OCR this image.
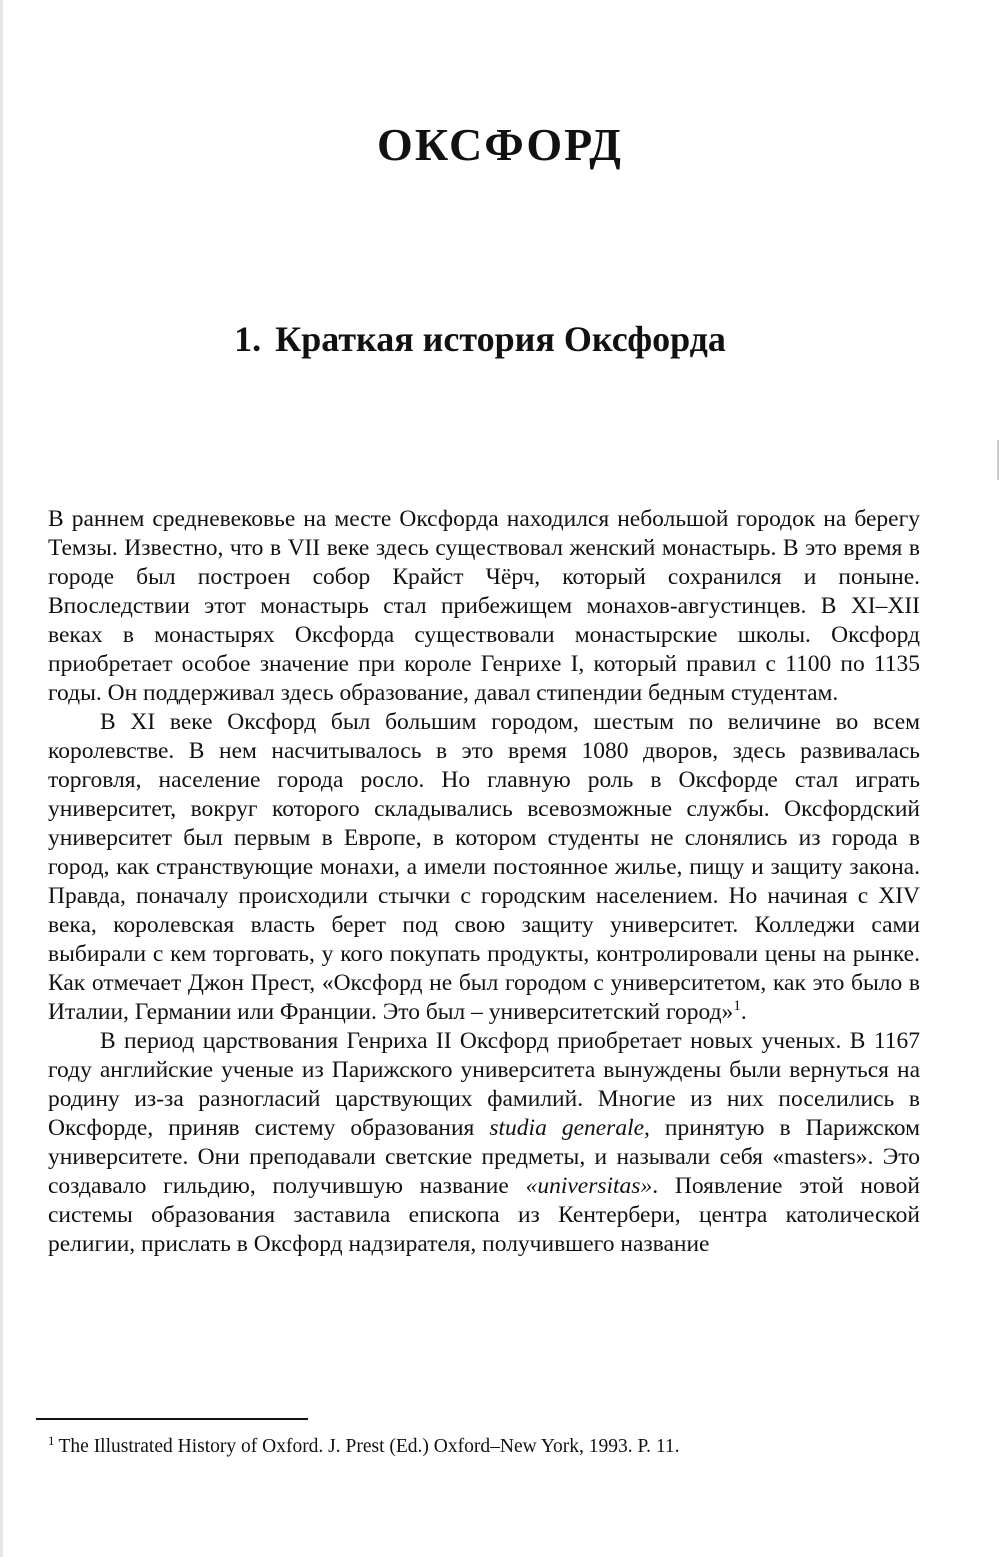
ОКСФОРД
1. Краткая история Оксфорда

В раннем средневековье на месте Оксфорда находился небольшой городок на берегу Темзы. Известно, что в VII веке здесь существовал женский монастырь. В это время в городе был построен собор Крайст Чёрч, который сохранился и поныне. Впоследствии этот монастырь стал прибежищем монахов-августинцев. В XI–XII веках в монастырях Оксфорда существовали монастырские школы. Оксфорд приобретает особое значение при короле Генрихе I, который правил с 1100 по 1135 годы. Он поддерживал здесь образование, давал стипендии бедным студентам.

В XI веке Оксфорд был большим городом, шестым по величине во всем королевстве. В нем насчитывалось в это время 1080 дворов, здесь развивалась торговля, население города росло. Но главную роль в Оксфорде стал играть университет, вокруг которого складывались всевозможные службы. Оксфордский университет был первым в Европе, в котором студенты не слонялись из города в город, как странствующие монахи, а имели постоянное жилье, пищу и защиту закона. Правда, поначалу происходили стычки с городским населением. Но начиная с XIV века, королевская власть берет под свою защиту университет. Колледжи сами выбирали с кем торговать, у кого покупать продукты, контролировали цены на рынке. Как отмечает Джон Прест, «Оксфорд не был городом с университетом, как это было в Италии, Германии или Франции. Это был – университетский город»$^1$.

В период царствования Генриха II Оксфорд приобретает новых ученых. В 1167 году английские ученые из Парижского университета вынуждены были вернуться на родину из-за разногласий царствующих фамилий. Многие из них поселились в Оксфорде, приняв систему образования studia generale, принятую в Парижском университете. Они преподавали светские предметы, и называли себя «masters». Это создавало гильдию, получившую название «universitas». Появление этой новой системы образования заставила епископа из Кентербери, центра католической религии, прислать в Оксфорд надзирателя, получившего название

$^1$ The Illustrated History of Oxford. J. Prest (Ed.) Oxford–New York, 1993. P. 11.
